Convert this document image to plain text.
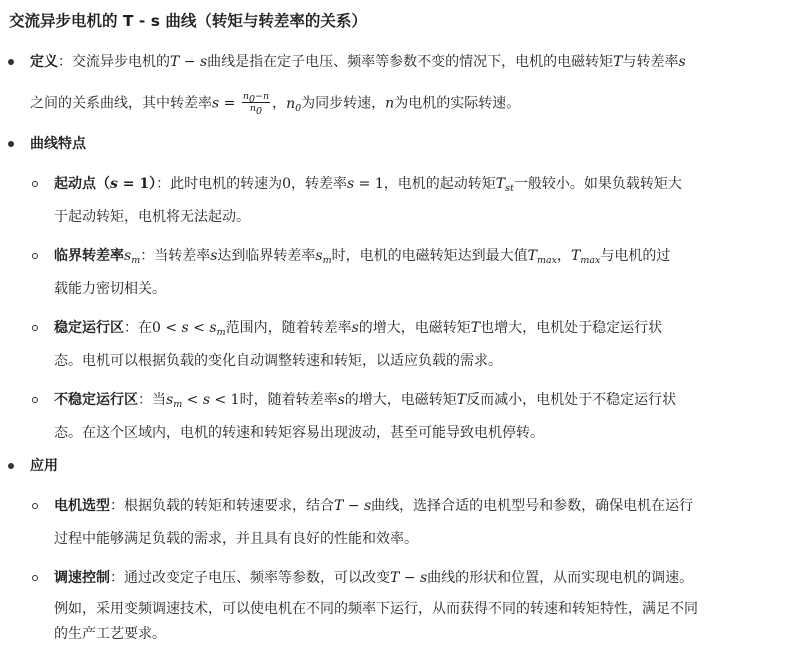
交流异步电机的 T - s 曲线（转矩与转差率的关系）
定义：交流异步电机的T − s曲线是指在定子电压、频率等参数不变的情况下，电机的电磁转矩T与转差率s
之间的关系曲线，其中转差率$s = \frac{n_0-n}{n_0}$ ，$n_0$为同步转速，n为电机的实际转速。
曲线特点
起动点（s = 1）：此时电机的转速为0，转差率s = 1，电机的起动转矩$T_{st}$一般较小。如果负载转矩大
于起动转矩，电机将无法起动。
临界转差率$s_m$：当转差率s达到临界转差率$s_m$时，电机的电磁转矩达到最大值$T_{max}$，$T_{max}$与电机的过
载能力密切相关。
稳定运行区：在$0 < s < s_m$范围内，随着转差率s的增大，电磁转矩T也增大，电机处于稳定运行状
态。电机可以根据负载的变化自动调整转速和转矩，以适应负载的需求。
不稳定运行区：当$s_m < s < 1$时，随着转差率s的增大，电磁转矩T反而减小，电机处于不稳定运行状
态。在这个区域内，电机的转速和转矩容易出现波动，甚至可能导致电机停转。
应用
电机选型：根据负载的转矩和转速要求，结合T − s曲线，选择合适的电机型号和参数，确保电机在运行
过程中能够满足负载的需求，并且具有良好的性能和效率。
调速控制：通过改变定子电压、频率等参数，可以改变T − s曲线的形状和位置，从而实现电机的调速。
例如，采用变频调速技术，可以使电机在不同的频率下运行，从而获得不同的转速和转矩特性，满足不同
的生产工艺要求。
